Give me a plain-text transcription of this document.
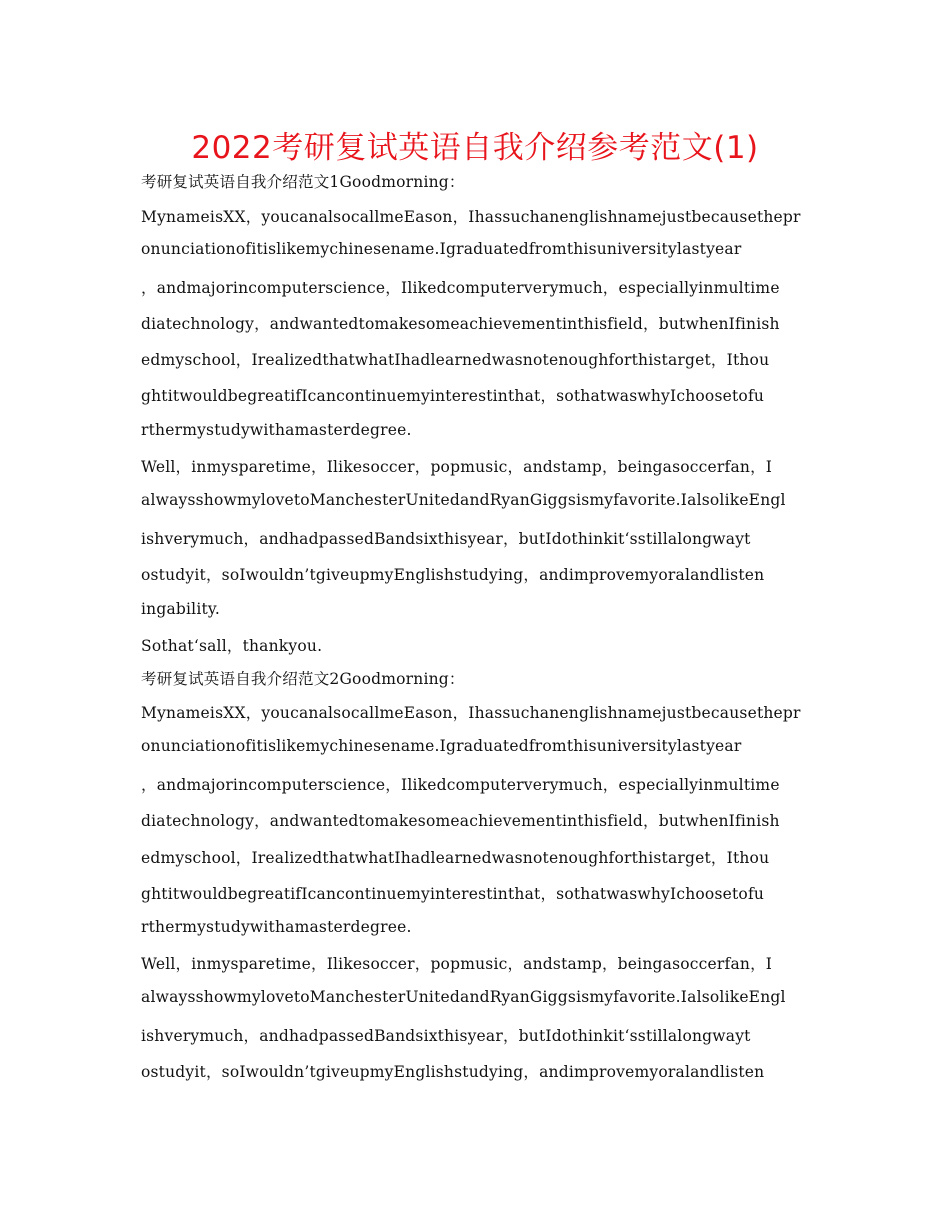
2022考研复试英语自我介绍参考范文(1)
考研复试英语自我介绍范文1Goodmorning：
MynameisXX，youcanalsocallmeEason，Ihassuchanenglishnamejustbecausethepr
onunciationofitislikemychinesename.Igraduatedfromthisuniversitylastyear
，andmajorincomputerscience，Ilikedcomputerverymuch，especiallyinmultime
diatechnology，andwantedtomakesomeachievementinthisfield，butwhenIfinish
edmyschool，IrealizedthatwhatIhadlearnedwasnotenoughforthistarget，Ithou
ghtitwouldbegreatifIcancontinuemyinterestinthat，sothatwaswhyIchoosetofu
rthermystudywithamasterdegree.
Well，inmysparetime，Ilikesoccer，popmusic，andstamp，beingasoccerfan，I
alwaysshowmylovetoManchesterUnitedandRyanGiggsismyfavorite.IalsolikeEngl
ishverymuch，andhadpassedBandsixthisyear，butIdothinkit‘sstillalongwayt
ostudyit，soIwouldn’tgiveupmyEnglishstudying，andimprovemyoralandlisten
ingability.
Sothat‘sall，thankyou.
考研复试英语自我介绍范文2Goodmorning：
MynameisXX，youcanalsocallmeEason，Ihassuchanenglishnamejustbecausethepr
onunciationofitislikemychinesename.Igraduatedfromthisuniversitylastyear
，andmajorincomputerscience，Ilikedcomputerverymuch，especiallyinmultime
diatechnology，andwantedtomakesomeachievementinthisfield，butwhenIfinish
edmyschool，IrealizedthatwhatIhadlearnedwasnotenoughforthistarget，Ithou
ghtitwouldbegreatifIcancontinuemyinterestinthat，sothatwaswhyIchoosetofu
rthermystudywithamasterdegree.
Well，inmysparetime，Ilikesoccer，popmusic，andstamp，beingasoccerfan，I
alwaysshowmylovetoManchesterUnitedandRyanGiggsismyfavorite.IalsolikeEngl
ishverymuch，andhadpassedBandsixthisyear，butIdothinkit‘sstillalongwayt
ostudyit，soIwouldn’tgiveupmyEnglishstudying，andimprovemyoralandlisten
